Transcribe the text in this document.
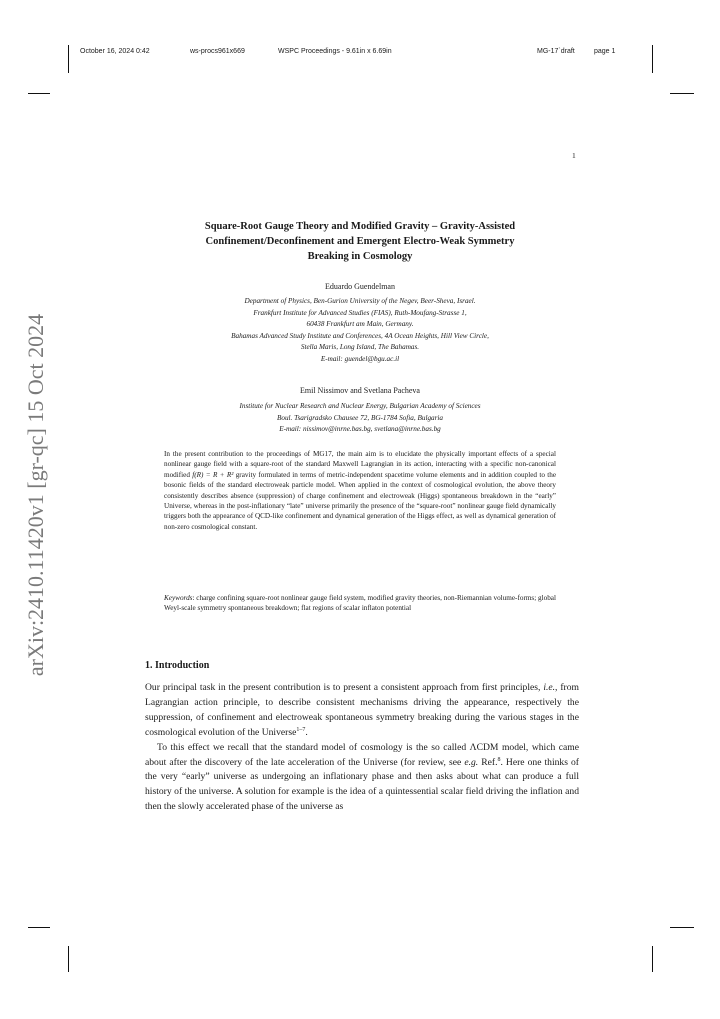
October 16, 2024 0:42	ws-procs961x669	WSPC Proceedings - 9.61in x 6.69in	MG-17`draft	page 1
1
arXiv:2410.11420v1 [gr-qc] 15 Oct 2024
Square-Root Gauge Theory and Modified Gravity – Gravity-Assisted
Confinement/Deconfinement and Emergent Electro-Weak Symmetry
Breaking in Cosmology
Eduardo Guendelman
Department of Physics, Ben-Gurion University of the Negev, Beer-Sheva, Israel.
Frankfurt Institute for Advanced Studies (FIAS), Ruth-Moufang-Strasse 1,
60438 Frankfurt am Main, Germany.
Bahamas Advanced Study Institute and Conferences, 4A Ocean Heights, Hill View Circle,
Stella Maris, Long Island, The Bahamas.
E-mail: guendel@bgu.ac.il
Emil Nissimov and Svetlana Pacheva
Institute for Nuclear Research and Nuclear Energy, Bulgarian Academy of Sciences
Boul. Tsarigradsko Chausee 72, BG-1784 Sofia, Bulgaria
E-mail: nissimov@inrne.bas.bg, svetlana@inrne.bas.bg
In the present contribution to the proceedings of MG17, the main aim is to elucidate the physically important effects of a special nonlinear gauge field with a square-root of the standard Maxwell Lagrangian in its action, interacting with a specific non-canonical modified f(R) = R + R² gravity formulated in terms of metric-independent spacetime volume elements and in addition coupled to the bosonic fields of the standard electroweak particle model. When applied in the context of cosmological evolution, the above theory consistently describes absence (suppression) of charge confinement and electroweak (Higgs) spontaneous breakdown in the “early” Universe, whereas in the post-inflationary “late” universe primarily the presence of the “square-root” nonlinear gauge field dynamically triggers both the appearance of QCD-like confinement and dynamical generation of the Higgs effect, as well as dynamical generation of non-zero cosmological constant.
Keywords: charge confining square-root nonlinear gauge field system, modified gravity theories, non-Riemannian volume-forms; global Weyl-scale symmetry spontaneous breakdown; flat regions of scalar inflaton potential
1. Introduction

Our principal task in the present contribution is to present a consistent approach from first principles, i.e., from Lagrangian action principle, to describe consistent mechanisms driving the appearance, respectively the suppression, of confinement and electroweak spontaneous symmetry breaking during the various stages in the cosmological evolution of the Universe$^{1-7}$.

To this effect we recall that the standard model of cosmology is the so called ΛCDM model, which came about after the discovery of the late acceleration of the Universe (for review, see e.g. Ref.$^8$. Here one thinks of the very “early” universe as undergoing an inflationary phase and then asks about what can produce a full history of the universe. A solution for example is the idea of a quintessential scalar field driving the inflation and then the slowly accelerated phase of the universe as
